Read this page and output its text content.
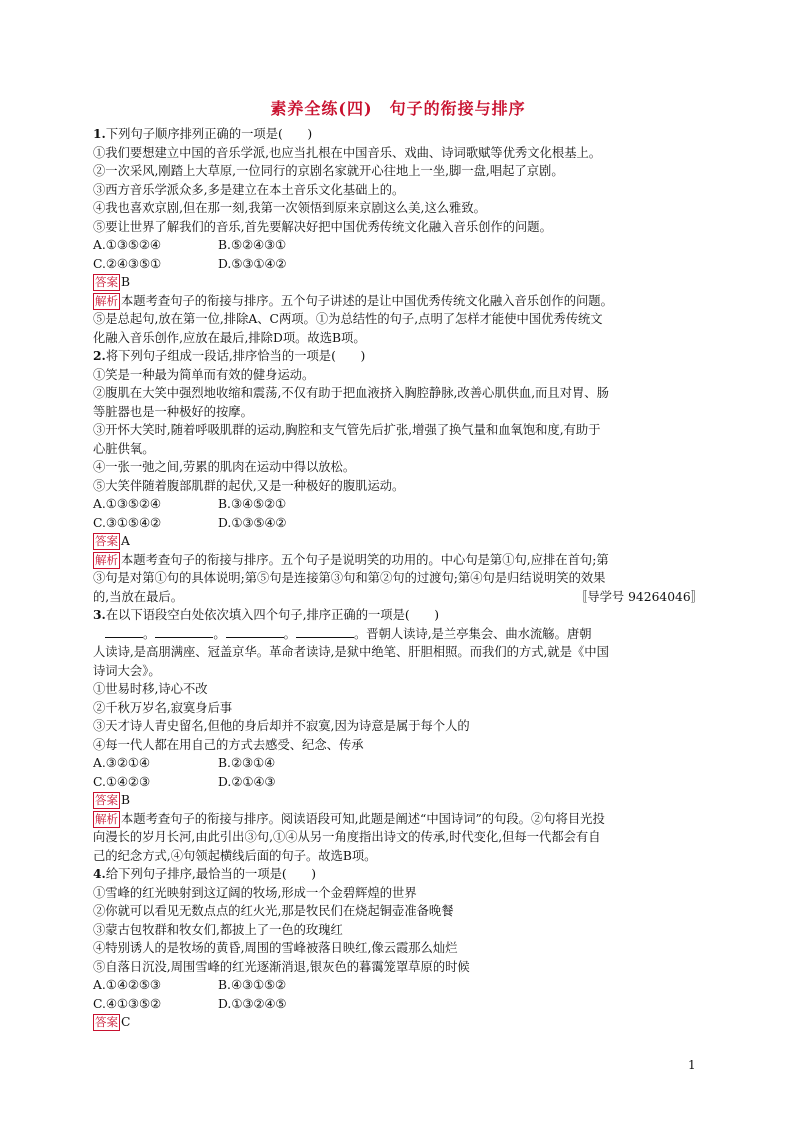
素养全练(四)　句子的衔接与排序
1.下列句子顺序排列正确的一项是(　　)
①我们要想建立中国的音乐学派,也应当扎根在中国音乐、戏曲、诗词歌赋等优秀文化根基上。
②一次采风,刚踏上大草原,一位同行的京剧名家就开心往地上一坐,脚一盘,唱起了京剧。
③西方音乐学派众多,多是建立在本土音乐文化基础上的。
④我也喜欢京剧,但在那一刻,我第一次领悟到原来京剧这么美,这么雅致。
⑤要让世界了解我们的音乐,首先要解决好把中国优秀传统文化融入音乐创作的问题。
A.①③⑤②④	B.⑤②④③①
C.②④③⑤①	D.⑤③①④②
答案 B
解析 本题考查句子的衔接与排序。五个句子讲述的是让中国优秀传统文化融入音乐创作的问题。
⑤是总起句,放在第一位,排除A、C两项。①为总结性的句子,点明了怎样才能使中国优秀传统文
化融入音乐创作,应放在最后,排除D项。故选B项。
2.将下列句子组成一段话,排序恰当的一项是(　　)
①笑是一种最为简单而有效的健身运动。
②腹肌在大笑中强烈地收缩和震荡,不仅有助于把血液挤入胸腔静脉,改善心肌供血,而且对胃、肠
等脏器也是一种极好的按摩。
③开怀大笑时,随着呼吸肌群的运动,胸腔和支气管先后扩张,增强了换气量和血氧饱和度,有助于
心脏供氧。
④一张一弛之间,劳累的肌肉在运动中得以放松。
⑤大笑伴随着腹部肌群的起伏,又是一种极好的腹肌运动。
A.①③⑤②④	B.③④⑤②①
C.③①⑤④②	D.①③⑤④②
答案 A
解析 本题考查句子的衔接与排序。五个句子是说明笑的功用的。中心句是第①句,应排在首句;第
③句是对第①句的具体说明;第⑤句是连接第③句和第②句的过渡句;第④句是归结说明笑的效果
的,当放在最后。	〚导学号 94264046〛
3.在以下语段空白处依次填入四个句子,排序正确的一项是(　　)
。	。	。	。晋朝人读诗,是兰亭集会、曲水流觞。唐朝
人读诗,是高朋满座、冠盖京华。革命者读诗,是狱中绝笔、肝胆相照。而我们的方式,就是《中国
诗词大会》。
①世易时移,诗心不改
②千秋万岁名,寂寞身后事
③天才诗人青史留名,但他的身后却并不寂寞,因为诗意是属于每个人的
④每一代人都在用自己的方式去感受、纪念、传承
A.③②①④	B.②③①④
C.①④②③	D.②①④③
答案 B
解析 本题考查句子的衔接与排序。阅读语段可知,此题是阐述“中国诗词”的句段。②句将目光投
向漫长的岁月长河,由此引出③句,①④从另一角度指出诗文的传承,时代变化,但每一代都会有自
己的纪念方式,④句领起横线后面的句子。故选B项。
4.给下列句子排序,最恰当的一项是(　　)
①雪峰的红光映射到这辽阔的牧场,形成一个金碧辉煌的世界
②你就可以看见无数点点的红火光,那是牧民们在烧起铜壶准备晚餐
③蒙古包牧群和牧女们,都披上了一色的玫瑰红
④特别诱人的是牧场的黄昏,周围的雪峰被落日映红,像云霞那么灿烂
⑤自落日沉没,周围雪峰的红光逐渐消退,银灰色的暮霭笼罩草原的时候
A.①④②⑤③	B.④③①⑤②
C.④①③⑤②	D.①③②④⑤
答案 C
1
